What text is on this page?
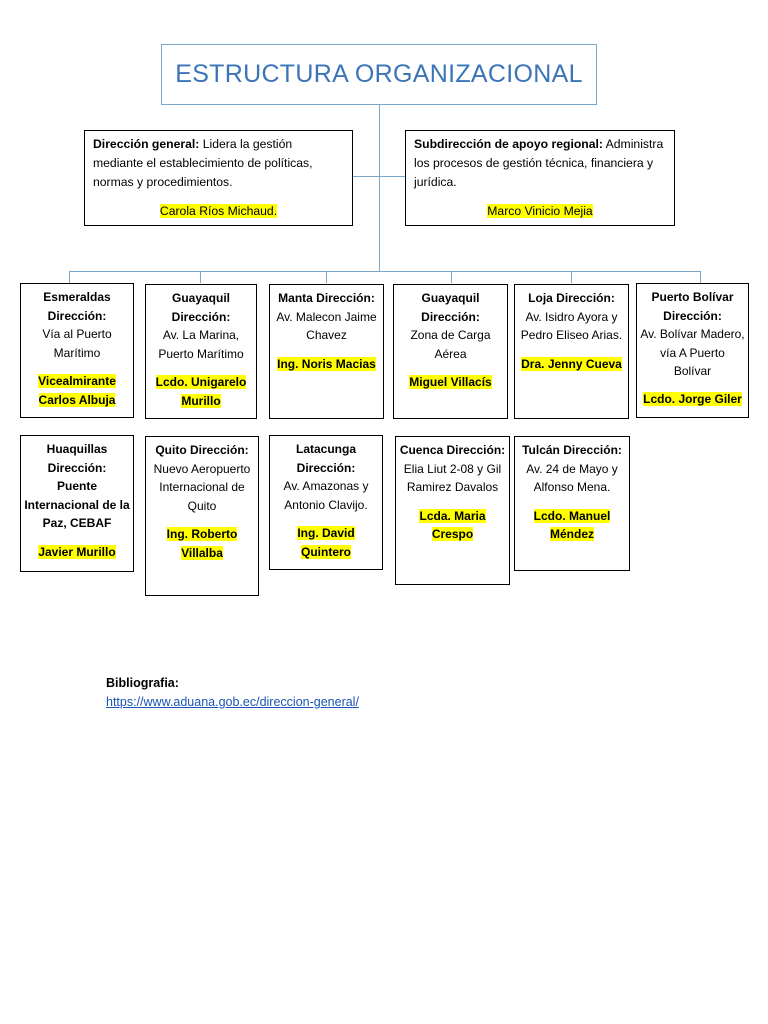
ESTRUCTURA ORGANIZACIONAL
Dirección general: Lidera la gestión mediante el establecimiento de políticas, normas y procedimientos.
Carola Ríos Michaud.
Subdirección de apoyo regional: Administra los procesos de gestión técnica, financiera y jurídica.
Marco Vinicio Mejia
Esmeraldas Dirección:
Vía al Puerto Marítimo
Vicealmirante Carlos Albuja
Guayaquil Dirección:
Av. La Marina, Puerto Marítimo
Lcdo. Unigarelo Murillo
Manta Dirección:
Av. Malecon Jaime Chavez
Ing. Noris Macias
Guayaquil Dirección:
Zona de Carga Aérea
Miguel Villacís
Loja Dirección:
Av. Isidro Ayora y Pedro Eliseo Arias.
Dra. Jenny Cueva
Puerto Bolívar Dirección:
Av. Bolívar Madero, vía A Puerto Bolívar
Lcdo. Jorge Giler
Huaquillas Dirección:
Puente Internacional de la Paz, CEBAF
Javier Murillo
Quito Dirección:
Nuevo Aeropuerto Internacional de Quito
Ing. Roberto Villalba
Latacunga Dirección:
Av. Amazonas y Antonio Clavijo.
Ing. David Quintero
Cuenca Dirección:
Elia Liut 2-08 y Gil Ramirez Davalos
Lcda. Maria Crespo
Tulcán Dirección:
Av. 24 de Mayo y Alfonso Mena.
Lcdo. Manuel Méndez
Bibliografia:
https://www.aduana.gob.ec/direccion-general/
